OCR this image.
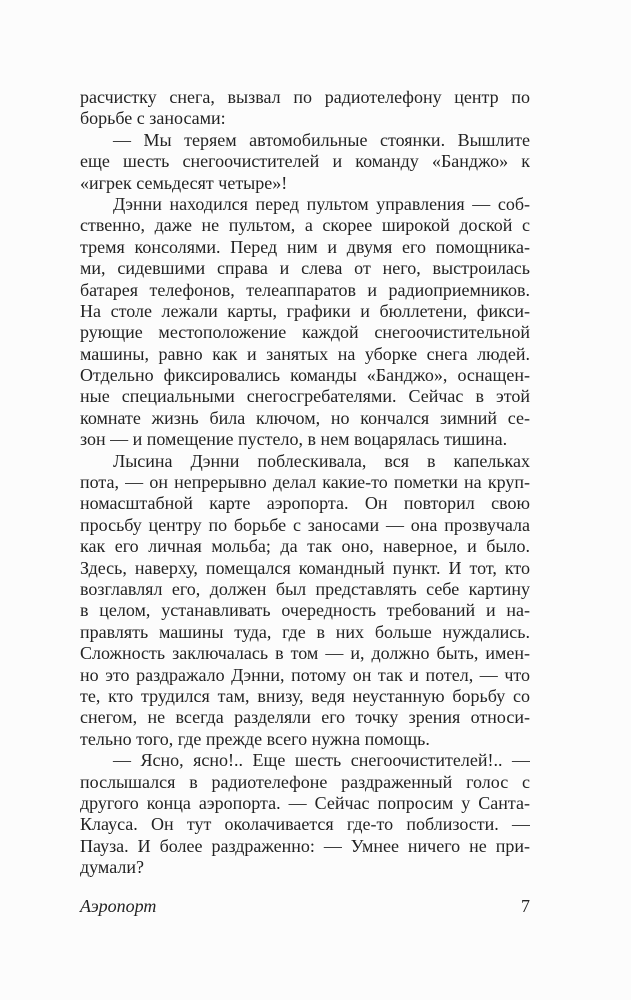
расчистку снега, вызвал по радиотелефону центр по
борьбе с заносами:
— Мы теряем автомобильные стоянки. Вышлите
еще шесть снегоочистителей и команду «Банджо» к
«игрек семьдесят четыре»!
Дэнни находился перед пультом управления — соб-
ственно, даже не пультом, а скорее широкой доской с
тремя консолями. Перед ним и двумя его помощника-
ми, сидевшими справа и слева от него, выстроилась
батарея телефонов, телеаппаратов и радиоприемников.
На столе лежали карты, графики и бюллетени, фикси-
рующие местоположение каждой снегоочистительной
машины, равно как и занятых на уборке снега людей.
Отдельно фиксировались команды «Банджо», оснащен-
ные специальными снегосгребателями. Сейчас в этой
комнате жизнь била ключом, но кончался зимний се-
зон — и помещение пустело, в нем воцарялась тишина.
Лысина Дэнни поблескивала, вся в капельках
пота, — он непрерывно делал какие-то пометки на круп-
номасштабной карте аэропорта. Он повторил свою
просьбу центру по борьбе с заносами — она прозвучала
как его личная мольба; да так оно, наверное, и было.
Здесь, наверху, помещался командный пункт. И тот, кто
возглавлял его, должен был представлять себе картину
в целом, устанавливать очередность требований и на-
правлять машины туда, где в них больше нуждались.
Сложность заключалась в том — и, должно быть, имен-
но это раздражало Дэнни, потому он так и потел, — что
те, кто трудился там, внизу, ведя неустанную борьбу со
снегом, не всегда разделяли его точку зрения относи-
тельно того, где прежде всего нужна помощь.
— Ясно, ясно!.. Еще шесть снегоочистителей!.. —
послышался в радиотелефоне раздраженный голос с
другого конца аэропорта. — Сейчас попросим у Санта-
Клауса. Он тут околачивается где-то поблизости. —
Пауза. И более раздраженно: — Умнее ничего не при-
думали?
Аэропорт	7
